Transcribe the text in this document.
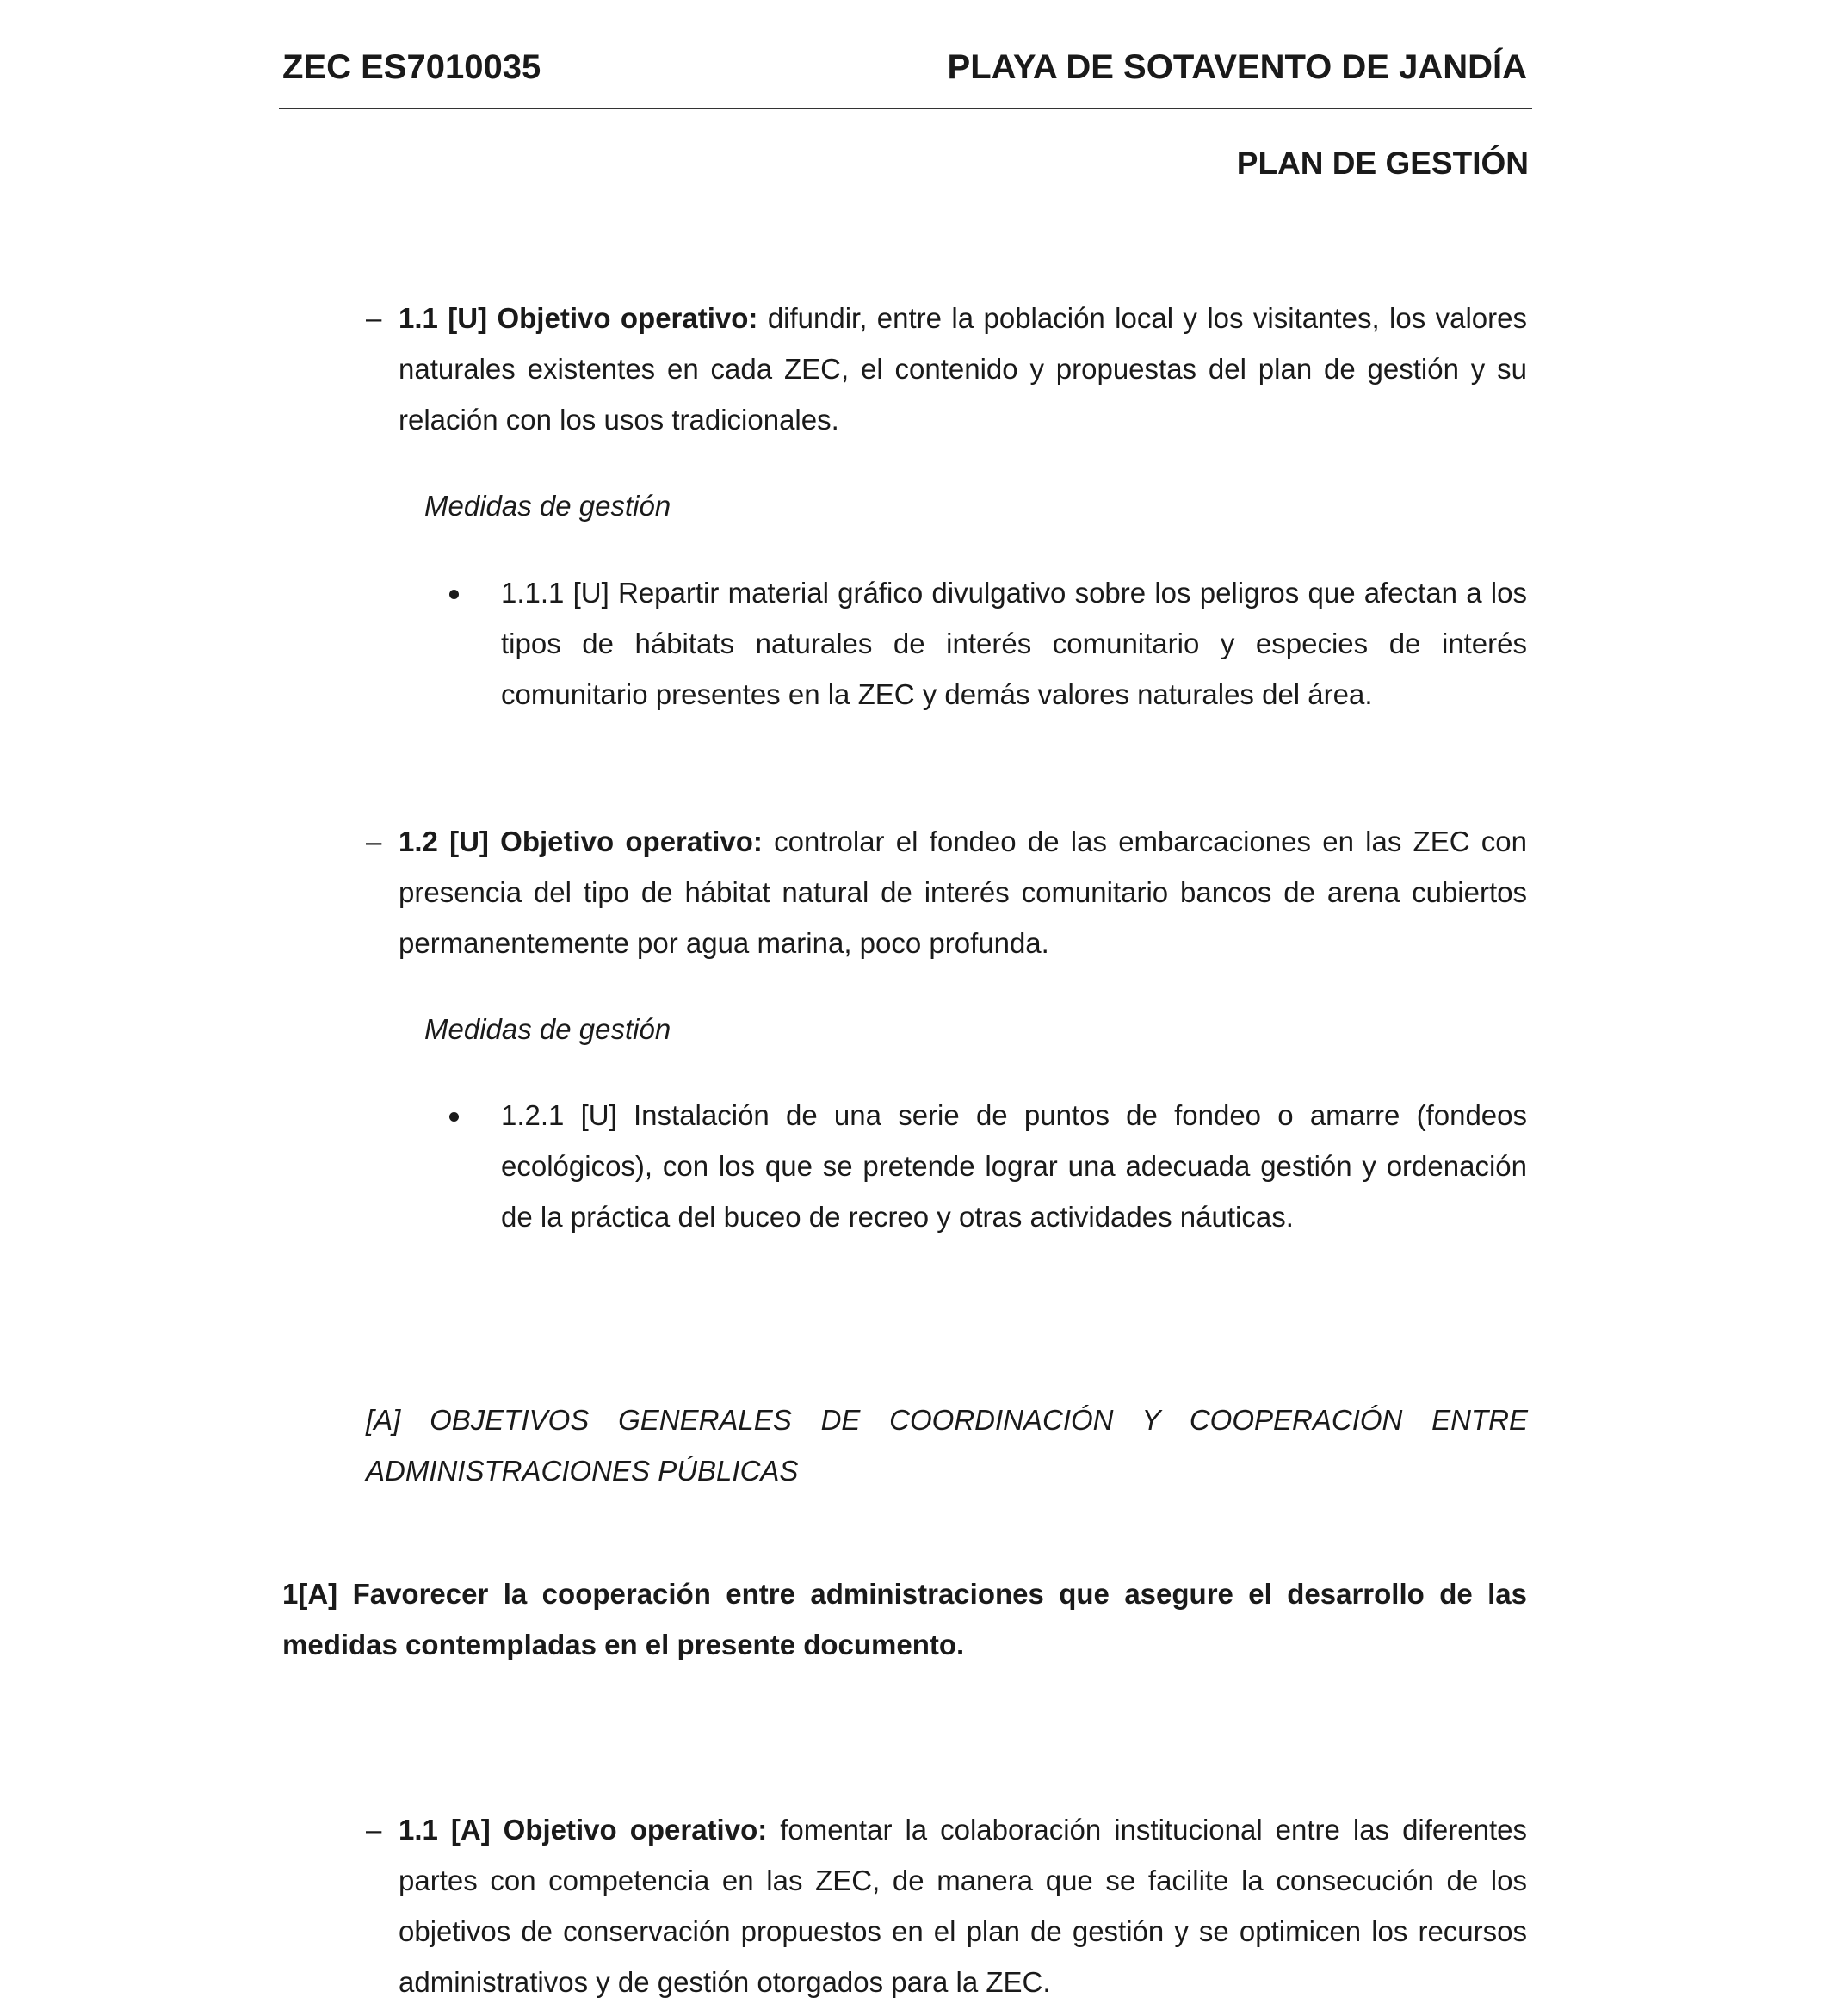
ZEC ES7010035	PLAYA DE SOTAVENTO DE JANDÍA
PLAN DE GESTIÓN
– 1.1 [U] Objetivo operativo: difundir, entre la población local y los visitantes, los valores naturales existentes en cada ZEC, el contenido y propuestas del plan de gestión y su relación con los usos tradicionales.
Medidas de gestión
1.1.1 [U] Repartir material gráfico divulgativo sobre los peligros que afectan a los tipos de hábitats naturales de interés comunitario y especies de interés comunitario presentes en la ZEC y demás valores naturales del área.
– 1.2 [U] Objetivo operativo: controlar el fondeo de las embarcaciones en las ZEC con presencia del tipo de hábitat natural de interés comunitario bancos de arena cubiertos permanentemente por agua marina, poco profunda.
Medidas de gestión
1.2.1 [U] Instalación de una serie de puntos de fondeo o amarre (fondeos ecológicos), con los que se pretende lograr una adecuada gestión y ordenación de la práctica del buceo de recreo y otras actividades náuticas.
[A] OBJETIVOS GENERALES DE COORDINACIÓN Y COOPERACIÓN ENTRE
ADMINISTRACIONES PÚBLICAS
1[A] Favorecer la cooperación entre administraciones que asegure el desarrollo de las medidas contempladas en el presente documento.
– 1.1 [A] Objetivo operativo: fomentar la colaboración institucional entre las diferentes partes con competencia en las ZEC, de manera que se facilite la consecución de los objetivos de conservación propuestos en el plan de gestión y se optimicen los recursos administrativos y de gestión otorgados para la ZEC.
